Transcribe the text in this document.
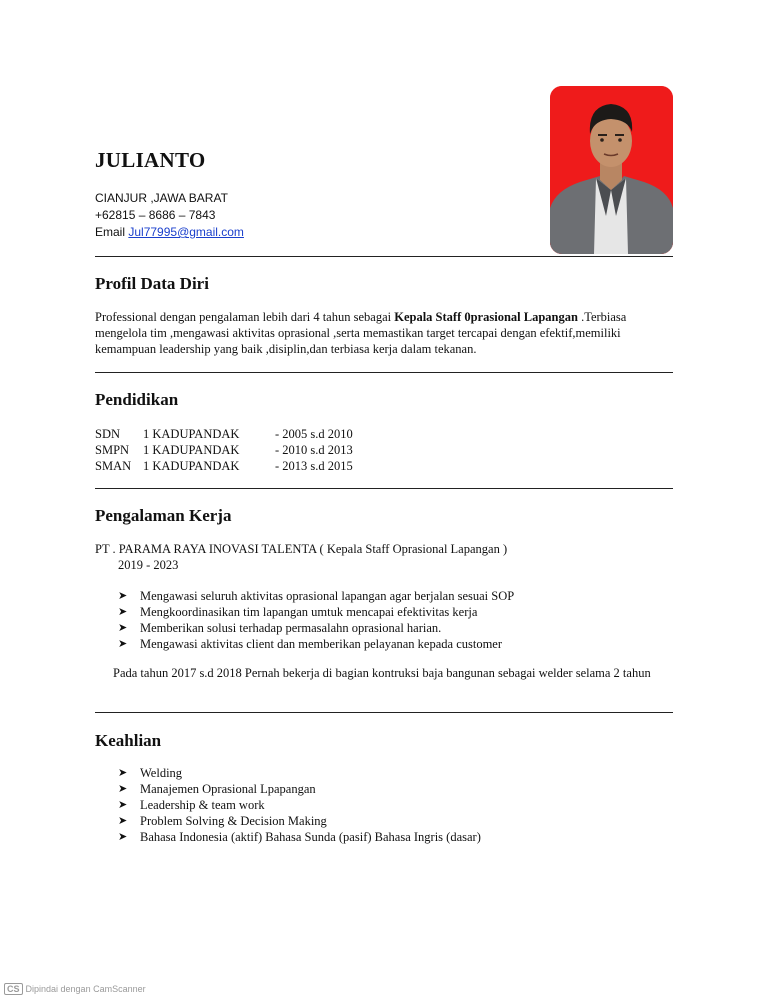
JULIANTO
CIANJUR ,JAWA BARAT
+62815 – 8686 – 7843
Email Jul77995@gmail.com
Profil Data Diri

Professional dengan pengalaman lebih dari 4 tahun sebagai Kepala Staff 0prasional Lapangan .Terbiasa mengelola tim ,mengawasi aktivitas oprasional ,serta memastikan target tercapai dengan efektif,memiliki kemampuan leadership yang baik ,disiplin,dan terbiasa kerja dalam tekanan.

Pendidikan
SDN 1 KADUPANDAK	- 2005 s.d 2010
SMPN 1 KADUPANDAK	- 2010 s.d 2013
SMAN 1 KADUPANDAK	- 2013 s.d 2015
Pengalaman Kerja
PT . PARAMA RAYA INOVASI TALENTA ( Kepala Staff Oprasional Lapangan )
2019 - 2023
➤ Mengawasi seluruh aktivitas oprasional lapangan agar berjalan sesuai SOP
➤ Mengkoordinasikan tim lapangan umtuk mencapai efektivitas kerja
➤ Memberikan solusi terhadap permasalahn oprasional harian.
➤ Mengawasi aktivitas client dan memberikan pelayanan kepada customer
Pada tahun 2017 s.d 2018 Pernah bekerja di bagian kontruksi baja bangunan sebagai welder selama 2 tahun
Keahlian
➤ Welding
➤ Manajemen Oprasional Lpapangan
➤ Leadership & team work
➤ Problem Solving & Decision Making
➤ Bahasa Indonesia (aktif) Bahasa Sunda (pasif) Bahasa Ingris (dasar)
CS Dipindai dengan CamScanner
